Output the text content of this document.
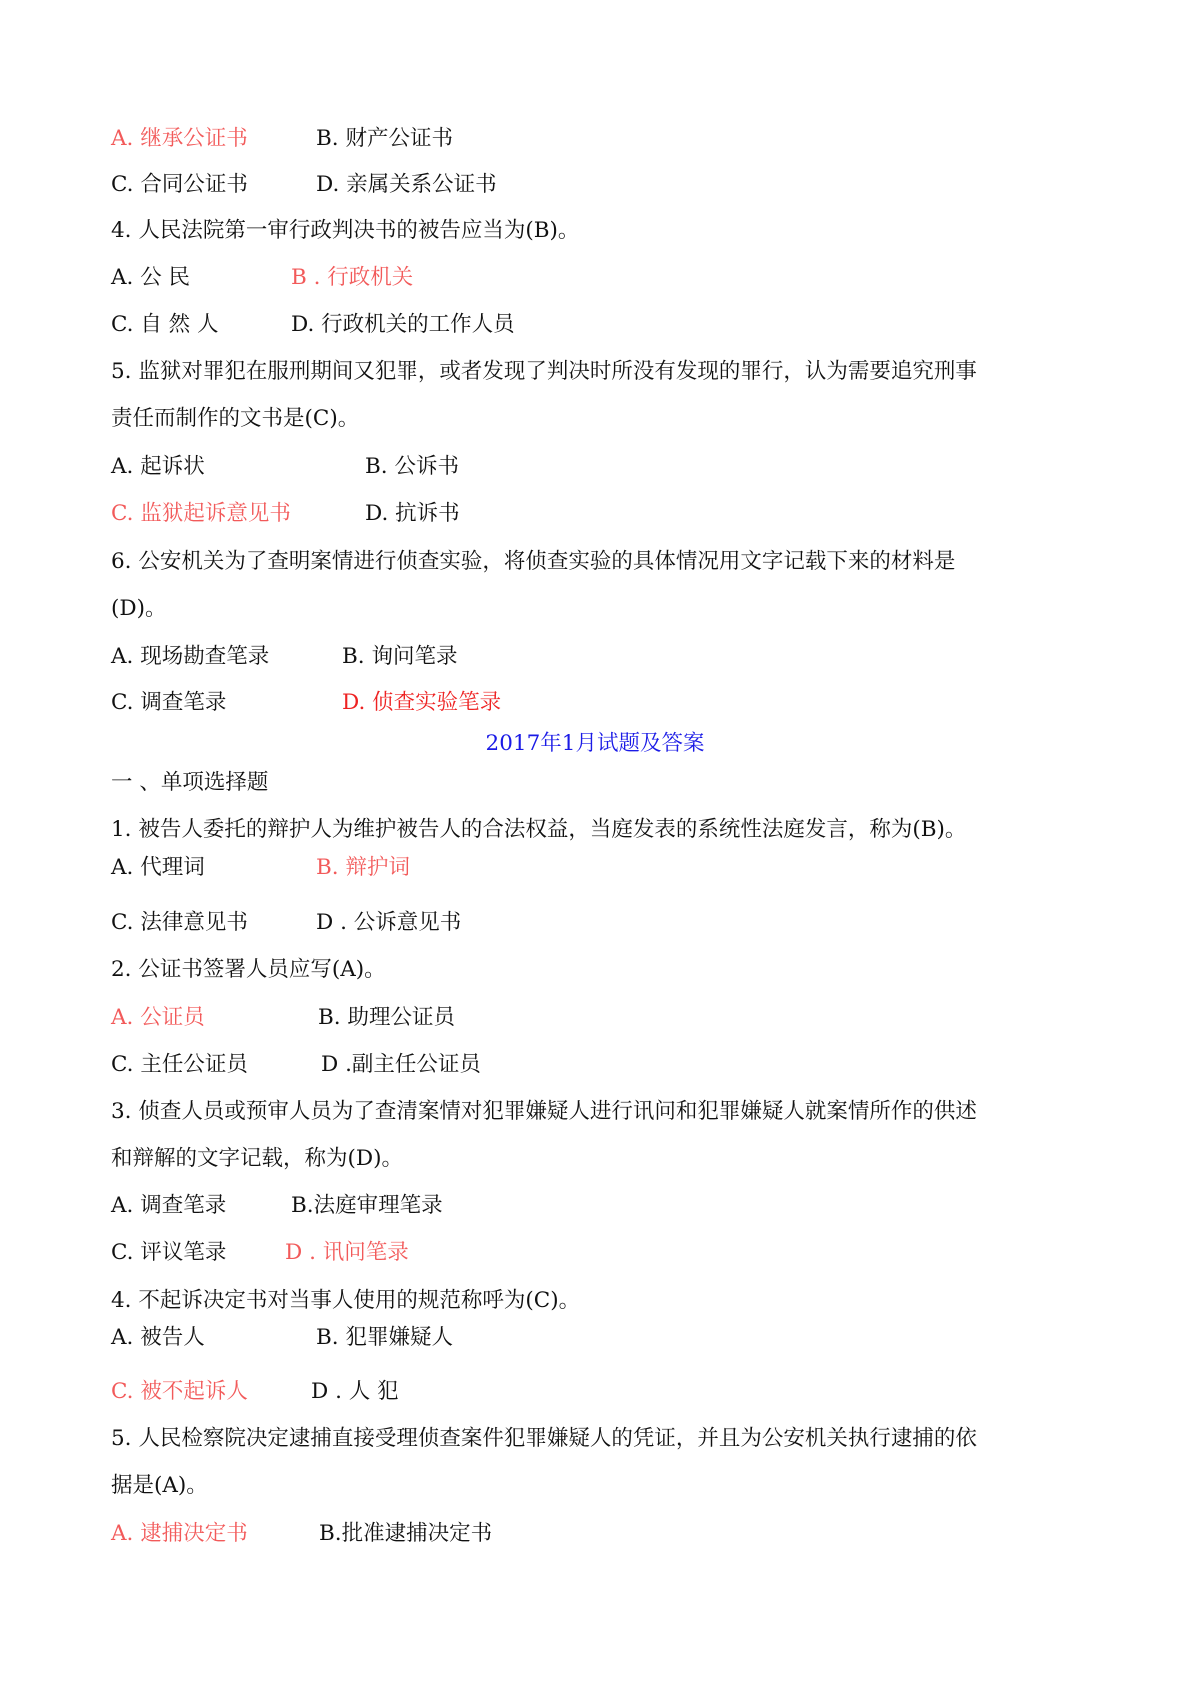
A. 继承公证书	B. 财产公证书
C. 合同公证书	D. 亲属关系公证书
4. 人民法院第一审行政判决书的被告应当为(B)。
A. 公 民	B . 行政机关
C. 自 然 人	D. 行政机关的工作人员
5. 监狱对罪犯在服刑期间又犯罪，或者发现了判决时所没有发现的罪行，认为需要追究刑事
责任而制作的文书是(C)。
A. 起诉状	B. 公诉书
C. 监狱起诉意见书	D. 抗诉书
6. 公安机关为了查明案情进行侦查实验，将侦查实验的具体情况用文字记载下来的材料是
(D)。
A. 现场勘查笔录	B. 询问笔录
C. 调查笔录	D. 侦查实验笔录
2017年1月试题及答案
一 、单项选择题
1. 被告人委托的辩护人为维护被告人的合法权益，当庭发表的系统性法庭发言，称为(B)。
A. 代理词	B. 辩护词
C. 法律意见书	D . 公诉意见书
2. 公证书签署人员应写(A)。
A. 公证员	B. 助理公证员
C. 主任公证员	D .副主任公证员
3. 侦查人员或预审人员为了查清案情对犯罪嫌疑人进行讯问和犯罪嫌疑人就案情所作的供述
和辩解的文字记载，称为(D)。
A. 调查笔录	B.法庭审理笔录
C. 评议笔录	D . 讯问笔录
4. 不起诉决定书对当事人使用的规范称呼为(C)。
A. 被告人	B. 犯罪嫌疑人
C. 被不起诉人	D . 人 犯
5. 人民检察院决定逮捕直接受理侦查案件犯罪嫌疑人的凭证，并且为公安机关执行逮捕的依
据是(A)。
A. 逮捕决定书	B.批准逮捕决定书
